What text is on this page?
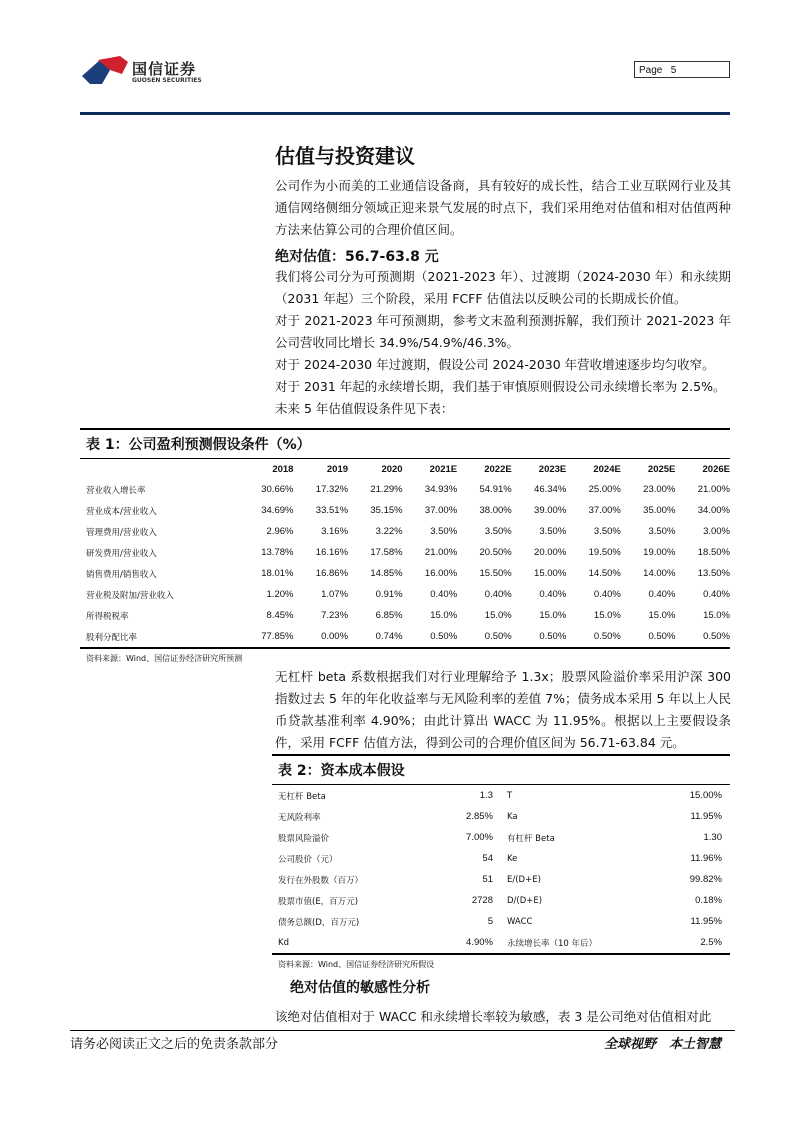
国信证券
GUOSEN SECURITIES
Page 5
估值与投资建议
公司作为小而美的工业通信设备商，具有较好的成长性，结合工业互联网行业及其通信网络侧细分领域正迎来景气发展的时点下，我们采用绝对估值和相对估值两种方法来估算公司的合理价值区间。
绝对估值：56.7-63.8 元
我们将公司分为可预测期（2021-2023 年）、过渡期（2024-2030 年）和永续期（2031 年起）三个阶段，采用 FCFF 估值法以反映公司的长期成长价值。
对于 2021-2023 年可预测期，参考文末盈利预测拆解，我们预计 2021-2023 年公司营收同比增长 34.9%/54.9%/46.3%。
对于 2024-2030 年过渡期，假设公司 2024-2030 年营收增速逐步均匀收窄。
对于 2031 年起的永续增长期，我们基于审慎原则假设公司永续增长率为 2.5%。
未来 5 年估值假设条件见下表：
表 1：公司盈利预测假设条件（%）
	2018	2019	2020	2021E	2022E	2023E	2024E	2025E	2026E
营业收入增长率	30.66%	17.32%	21.29%	34.93%	54.91%	46.34%	25.00%	23.00%	21.00%
营业成本/营业收入	34.69%	33.51%	35.15%	37.00%	38.00%	39.00%	37.00%	35.00%	34.00%
管理费用/营业收入	2.96%	3.16%	3.22%	3.50%	3.50%	3.50%	3.50%	3.50%	3.00%
研发费用/营业收入	13.78%	16.16%	17.58%	21.00%	20.50%	20.00%	19.50%	19.00%	18.50%
销售费用/销售收入	18.01%	16.86%	14.85%	16.00%	15.50%	15.00%	14.50%	14.00%	13.50%
营业税及附加/营业收入	1.20%	1.07%	0.91%	0.40%	0.40%	0.40%	0.40%	0.40%	0.40%
所得税税率	8.45%	7.23%	6.85%	15.0%	15.0%	15.0%	15.0%	15.0%	15.0%
股利分配比率	77.85%	0.00%	0.74%	0.50%	0.50%	0.50%	0.50%	0.50%	0.50%
资料来源：Wind、国信证券经济研究所预测
无杠杆 beta 系数根据我们对行业理解给予 1.3x；股票风险溢价率采用沪深 300 指数过去 5 年的年化收益率与无风险利率的差值 7%；债务成本采用 5 年以上人民币贷款基准利率 4.90%；由此计算出 WACC 为 11.95%。根据以上主要假设条件，采用 FCFF 估值方法，得到公司的合理价值区间为 56.71-63.84 元。
表 2：资本成本假设
无杠杆 Beta	1.3	T	15.00%
无风险利率	2.85%	Ka	11.95%
股票风险溢价	7.00%	有杠杆 Beta	1.30
公司股价（元）	54	Ke	11.96%
发行在外股数（百万）	51	E/(D+E)	99.82%
股票市值(E，百万元)	2728	D/(D+E)	0.18%
债务总额(D，百万元)	5	WACC	11.95%
Kd	4.90%	永续增长率（10 年后）	2.5%
资料来源：Wind、国信证券经济研究所假设
绝对估值的敏感性分析
该绝对估值相对于 WACC 和永续增长率较为敏感，表 3 是公司绝对估值相对此
请务必阅读正文之后的免责条款部分	全球视野　本土智慧
